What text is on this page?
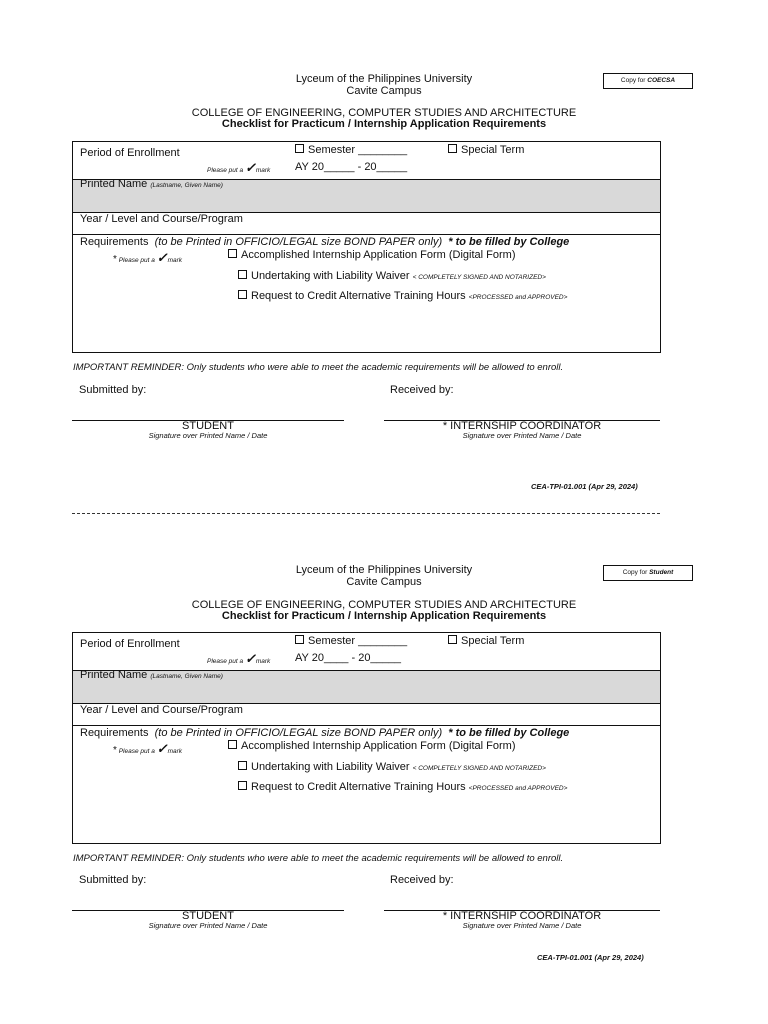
Lyceum of the Philippines University
Cavite Campus
Copy for COECSA
COLLEGE OF ENGINEERING, COMPUTER STUDIES AND ARCHITECTURE
Checklist for Practicum / Internship Application Requirements
Period of Enrollment	Semester ________	Special Term
Please put a ✓mark AY 20_____ - 20_____
Printed Name (Lastname, Given Name)
Year / Level and Course/Program
Requirements (to be Printed in OFFICIO/LEGAL size BOND PAPER only) * to be filled by College
* Please put a ✓mark	Accomplished Internship Application Form (Digital Form)
Undertaking with Liability Waiver < COMPLETELY SIGNED AND NOTARIZED>
Request to Credit Alternative Training Hours <PROCESSED and APPROVED>
IMPORTANT REMINDER: Only students who were able to meet the academic requirements will be allowed to enroll.
Submitted by:	Received by:
STUDENT	* INTERNSHIP COORDINATOR
Signature over Printed Name / Date	Signature over Printed Name / Date
CEA-TPI-01.001 (Apr 29, 2024)
Lyceum of the Philippines University
Cavite Campus
Copy for Student
COLLEGE OF ENGINEERING, COMPUTER STUDIES AND ARCHITECTURE
Checklist for Practicum / Internship Application Requirements
Period of Enrollment	Semester ________	Special Term
Please put a ✓mark AY 20____ - 20_____
Printed Name (Lastname, Given Name)
Year / Level and Course/Program
Requirements (to be Printed in OFFICIO/LEGAL size BOND PAPER only) * to be filled by College
* Please put a ✓mark	Accomplished Internship Application Form (Digital Form)
Undertaking with Liability Waiver < COMPLETELY SIGNED AND NOTARIZED>
Request to Credit Alternative Training Hours <PROCESSED and APPROVED>
IMPORTANT REMINDER: Only students who were able to meet the academic requirements will be allowed to enroll.
Submitted by:	Received by:
STUDENT	* INTERNSHIP COORDINATOR
Signature over Printed Name / Date	Signature over Printed Name / Date
CEA-TPI-01.001 (Apr 29, 2024)
